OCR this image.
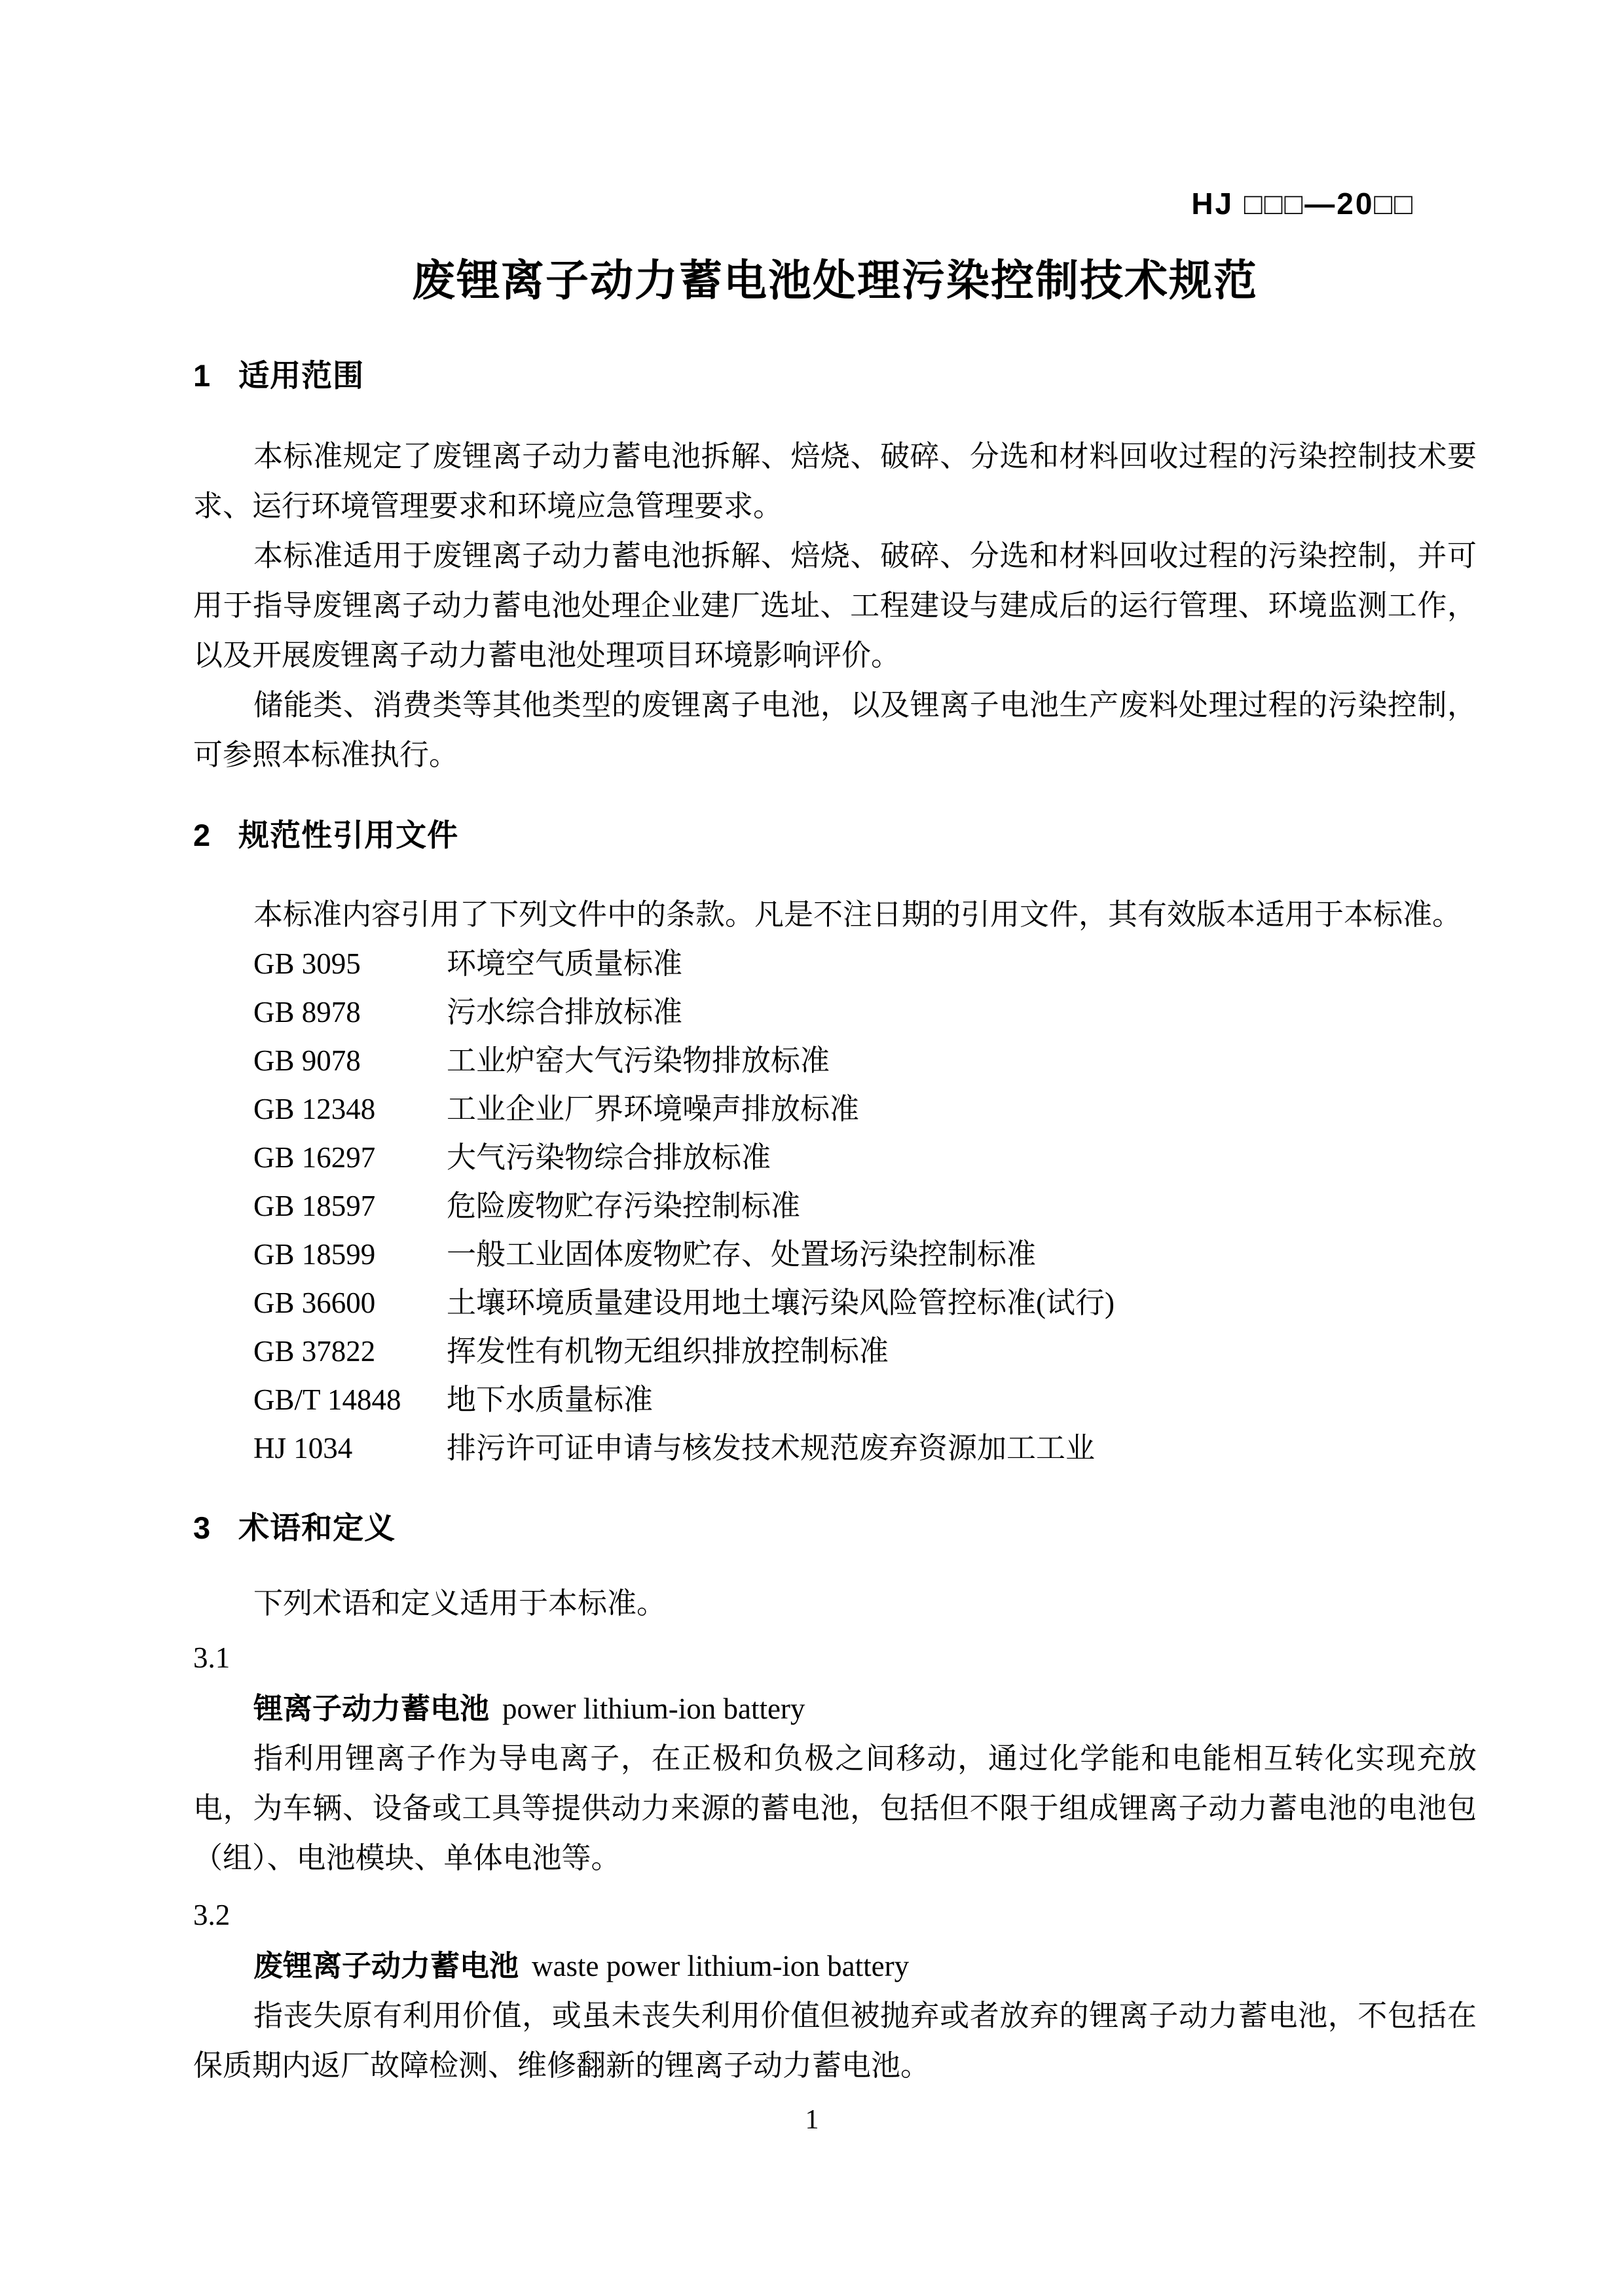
HJ □□□—20□□
废锂离子动力蓄电池处理污染控制技术规范
1 适用范围

本标准规定了废锂离子动力蓄电池拆解、焙烧、破碎、分选和材料回收过程的污染控制技术要求、运行环境管理要求和环境应急管理要求。

本标准适用于废锂离子动力蓄电池拆解、焙烧、破碎、分选和材料回收过程的污染控制，并可用于指导废锂离子动力蓄电池处理企业建厂选址、工程建设与建成后的运行管理、环境监测工作，以及开展废锂离子动力蓄电池处理项目环境影响评价。

储能类、消费类等其他类型的废锂离子电池，以及锂离子电池生产废料处理过程的污染控制，可参照本标准执行。

2 规范性引用文件

本标准内容引用了下列文件中的条款。凡是不注日期的引用文件，其有效版本适用于本标准。

GB 3095	环境空气质量标准
GB 8978	污水综合排放标准
GB 9078	工业炉窑大气污染物排放标准
GB 12348	工业企业厂界环境噪声排放标准
GB 16297	大气污染物综合排放标准
GB 18597	危险废物贮存污染控制标准
GB 18599	一般工业固体废物贮存、处置场污染控制标准
GB 36600	土壤环境质量建设用地土壤污染风险管控标准(试行)
GB 37822	挥发性有机物无组织排放控制标准
GB/T 14848	地下水质量标准
HJ 1034	排污许可证申请与核发技术规范废弃资源加工工业
3 术语和定义

下列术语和定义适用于本标准。

3.1
锂离子动力蓄电池 power lithium-ion battery

指利用锂离子作为导电离子，在正极和负极之间移动，通过化学能和电能相互转化实现充放电，为车辆、设备或工具等提供动力来源的蓄电池，包括但不限于组成锂离子动力蓄电池的电池包（组）、电池模块、单体电池等。

3.2
废锂离子动力蓄电池 waste power lithium-ion battery

指丧失原有利用价值，或虽未丧失利用价值但被抛弃或者放弃的锂离子动力蓄电池，不包括在保质期内返厂故障检测、维修翻新的锂离子动力蓄电池。

1
